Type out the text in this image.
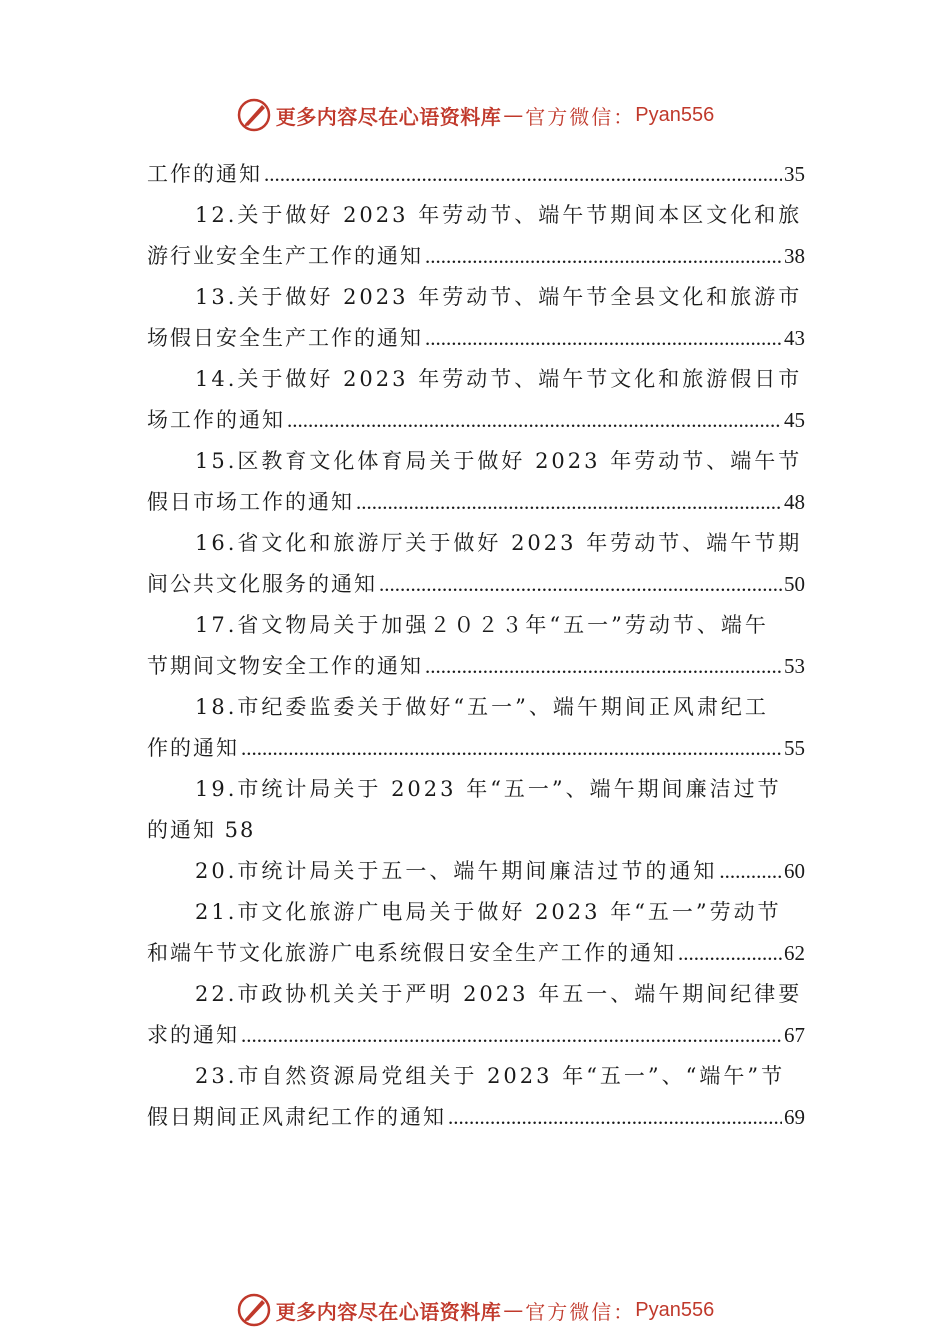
更多内容尽在心语资料库 — 官方微信： Pyan556
工作的通知 .....	35
12.关于做好 2023 年劳动节、端午节期间本区文化和旅
游行业安全生产工作的通知 .....	38
13.关于做好 2023 年劳动节、端午节全县文化和旅游市
场假日安全生产工作的通知 .....	43
14.关于做好 2023 年劳动节、端午节文化和旅游假日市
场工作的通知 .....	45
15.区教育文化体育局关于做好 2023 年劳动节、端午节
假日市场工作的通知 .....	48
16.省文化和旅游厅关于做好 2023 年劳动节、端午节期
间公共文化服务的通知 .....	50
17.省文物局关于加强２０２３年“五一”劳动节、端午
节期间文物安全工作的通知 .....	53
18.市纪委监委关于做好“五一”、端午期间正风肃纪工
作的通知 .....	55
19.市统计局关于 2023 年“五一”、端午期间廉洁过节
的通知 58
20.市统计局关于五一、端午期间廉洁过节的通知 .....	60
21.市文化旅游广电局关于做好 2023 年“五一”劳动节
和端午节文化旅游广电系统假日安全生产工作的通知 .....	62
22.市政协机关关于严明 2023 年五一、端午期间纪律要
求的通知 .....	67
23.市自然资源局党组关于 2023 年“五一”、“端午”节
假日期间正风肃纪工作的通知 .....	69
更多内容尽在心语资料库 — 官方微信： Pyan556
